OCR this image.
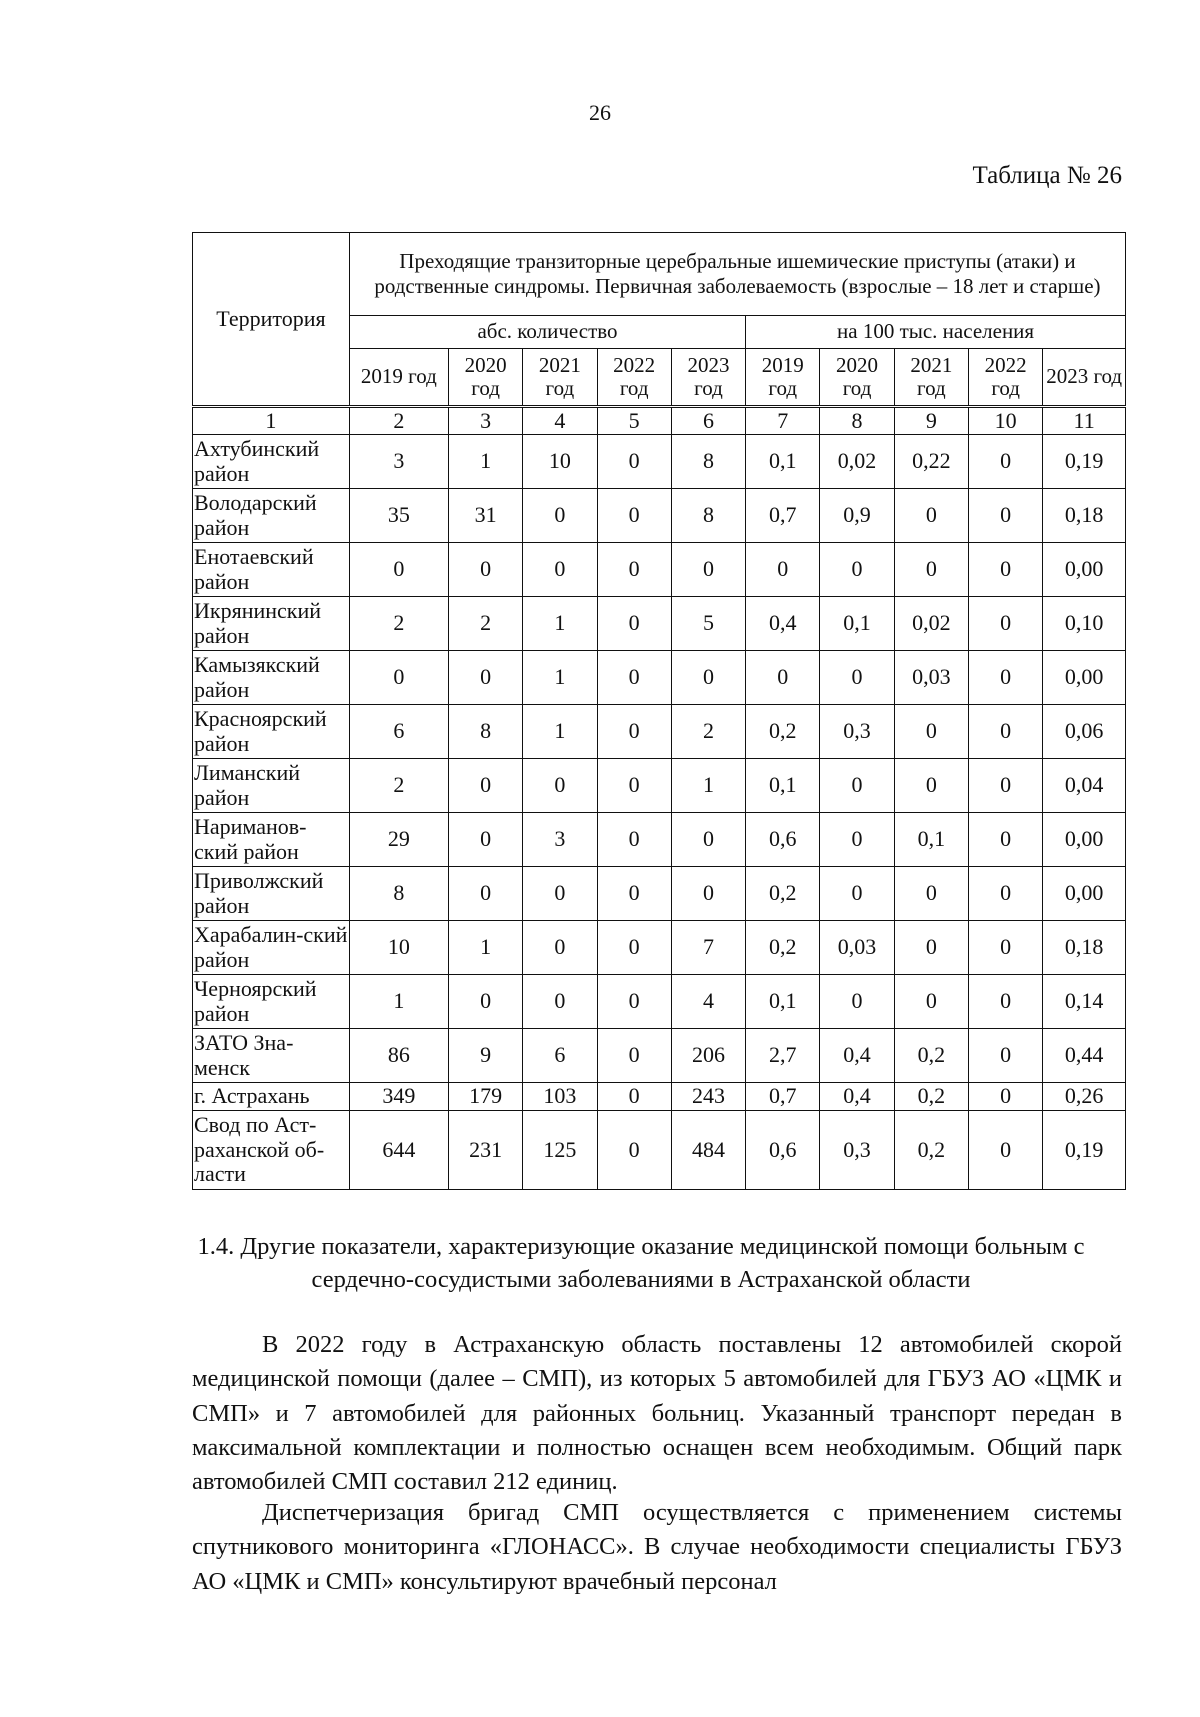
26
Таблица № 26
Территория	Преходящие транзиторные церебральные ишемические приступы (атаки) и родственные синдромы. Первичная заболеваемость (взрослые – 18 лет и старше)									
	абс. количество					на 100 тыс. населения				
	2019 год	2020 год	2021 год	2022 год	2023 год	2019 год	2020 год	2021 год	2022 год	2023 год
1	2	3	4	5	6	7	8	9	10	11
Ахтубинский район	3	1	10	0	8	0,1	0,02	0,22	0	0,19
Володарский район	35	31	0	0	8	0,7	0,9	0	0	0,18
Енотаевский район	0	0	0	0	0	0	0	0	0	0,00
Икрянинский район	2	2	1	0	5	0,4	0,1	0,02	0	0,10
Камызякский район	0	0	1	0	0	0	0	0,03	0	0,00
Красноярский район	6	8	1	0	2	0,2	0,3	0	0	0,06
Лиманский район	2	0	0	0	1	0,1	0	0	0	0,04
Нариманов-ский район	29	0	3	0	0	0,6	0	0,1	0	0,00
Приволжский район	8	0	0	0	0	0,2	0	0	0	0,00
Харабалин-ский район	10	1	0	0	7	0,2	0,03	0	0	0,18
Черноярский район	1	0	0	0	4	0,1	0	0	0	0,14
ЗАТО Зна-менск	86	9	6	0	206	2,7	0,4	0,2	0	0,44
г. Астрахань	349	179	103	0	243	0,7	0,4	0,2	0	0,26
Свод по Аст-раханской об-ласти	644	231	125	0	484	0,6	0,3	0,2	0	0,19
1.4. Другие показатели, характеризующие оказание медицинской помощи больным с сердечно-сосудистыми заболеваниями в Астраханской области
В 2022 году в Астраханскую область поставлены 12 автомобилей скорой медицинской помощи (далее – СМП), из которых 5 автомобилей для ГБУЗ АО «ЦМК и СМП» и 7 автомобилей для районных больниц. Указанный транспорт передан в максимальной комплектации и полностью оснащен всем необходимым. Общий парк автомобилей СМП составил 212 единиц.
Диспетчеризация бригад СМП осуществляется с применением системы спутникового мониторинга «ГЛОНАСС». В случае необходимости специалисты ГБУЗ АО «ЦМК и СМП» консультируют врачебный персонал
